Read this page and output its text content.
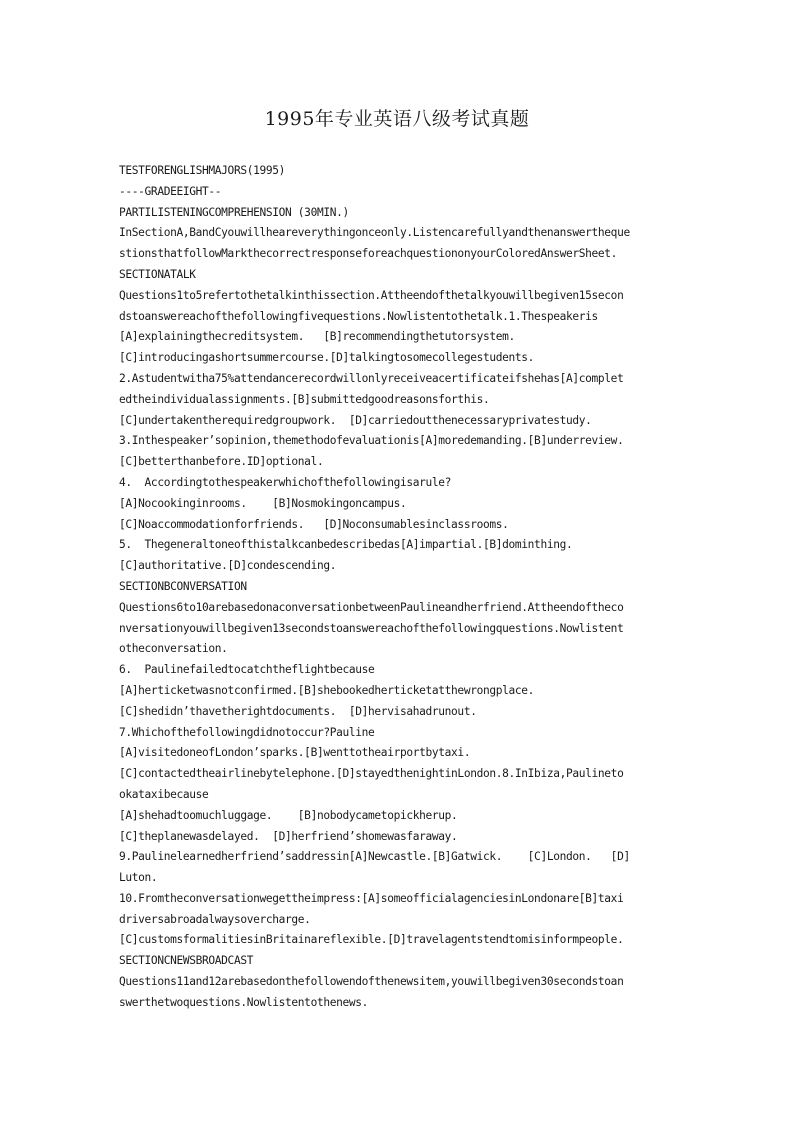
1995年专业英语八级考试真题
TESTFORENGLISHMAJORS(1995)
----GRADEEIGHT--
PARTILISTENINGCOMPREHENSION (30MIN.)
InSectionA,BandCyouwillheareverythingonceonly.Listencarefullyandthenanswertheque
stionsthatfollowMarkthecorrectresponseforeachquestiononyourColoredAnswerSheet.
SECTIONATALK
Questions1to5refertothetalkinthissection.Attheendofthetalkyouwillbegiven15secon
dstoanswereachofthefollowingfivequestions.Nowlistentothetalk.1.Thespeakeris
[A]explainingthecreditsystem.   [B]recommendingthetutorsystem.
[C]introducingashortsummercourse.[D]talkingtosomecollegestudents.
2.Astudentwitha75%attendancerecordwillonlyreceiveacertificateifshehas[A]complet
edtheindividualassignments.[B]submittedgoodreasonsforthis.
[C]undertakentherequiredgroupwork.  [D]carriedoutthenecessaryprivatestudy.
3.Inthespeaker’sopinion,themethodofevaluationis[A]moredemanding.[B]underreview.
[C]betterthanbefore.ID]optional.
4.  Accordingtothespeakerwhichofthefollowingisarule?
[A]Nocookinginrooms.    [B]Nosmokingoncampus.
[C]Noaccommodationforfriends.   [D]Noconsumablesinclassrooms.
5.  Thegeneraltoneofthistalkcanbedescribedas[A]impartial.[B]dominthing.
[C]authoritative.[D]condescending.
SECTIONBCONVERSATION
Questions6to10arebasedonaconversationbetweenPaulineandherfriend.Attheendoftheco
nversationyouwillbegiven13secondstoanswereachofthefollowingquestions.Nowlistent
otheconversation.
6.  Paulinefailedtocatchtheflightbecause
[A]herticketwasnotconfirmed.[B]shebookedherticketatthewrongplace.
[C]shedidn’thavetherightdocuments.  [D]hervisahadrunout.
7.Whichofthefollowingdidnotoccur?Pauline
[A]visitedoneofLondon’sparks.[B]wenttotheairportbytaxi.
[C]contactedtheairlinebytelephone.[D]stayedthenightinLondon.8.InIbiza,Paulineto
okataxibecause
[A]shehadtoomuchluggage.    [B]nobodycametopickherup.
[C]theplanewasdelayed.  [D]herfriend’shomewasfaraway.
9.Paulinelearnedherfriend’saddressin[A]Newcastle.[B]Gatwick.    [C]London.   [D]
Luton.
10.Fromtheconversationwegettheimpress:[A]someofficialagenciesinLondonare[B]taxi
driversabroadalwaysovercharge.
[C]customsformalitiesinBritainareflexible.[D]travelagentstendtomisinformpeople.
SECTIONCNEWSBROADCAST
Questions11and12arebasedonthefollowendofthenewsitem,youwillbegiven30secondstoan
swerthetwoquestions.Nowlistentothenews.
